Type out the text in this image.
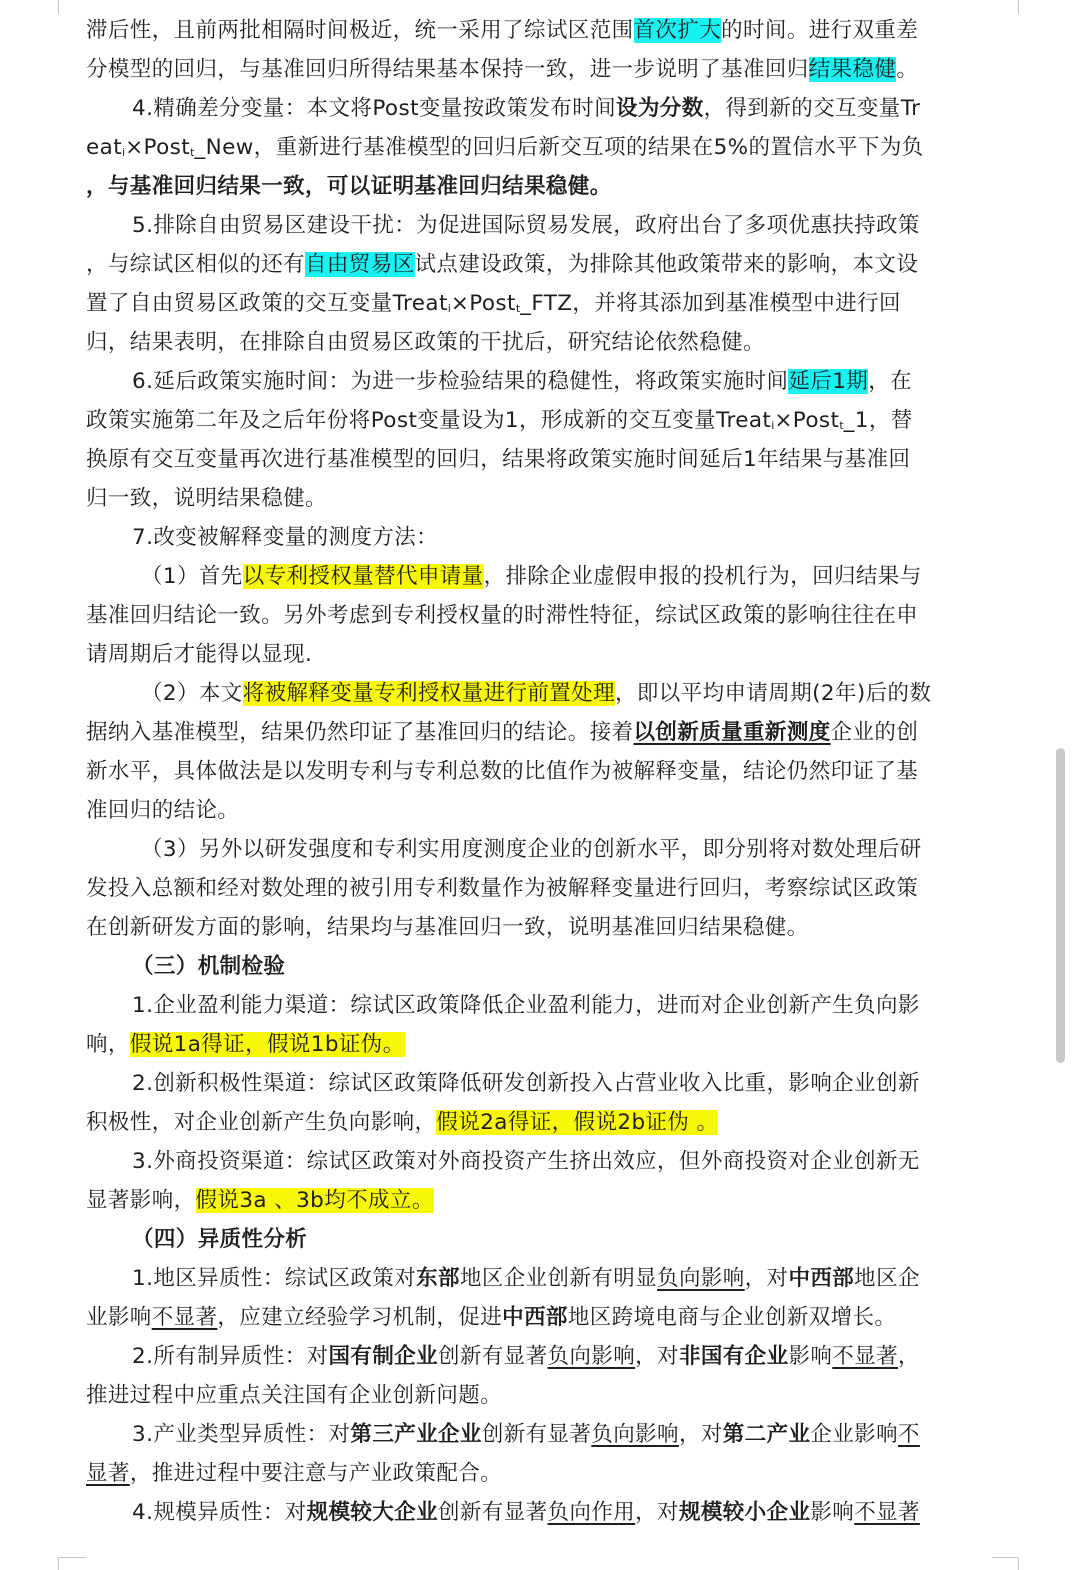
滞后性，且前两批相隔时间极近，统一采用了综试区范围首次扩大的时间。进行双重差
分模型的回归，与基准回归所得结果基本保持一致，进一步说明了基准回归结果稳健。
4.精确差分变量：本文将Post变量按政策发布时间设为分数，得到新的交互变量Tr
eat$_i$×Post$_t$_New，重新进行基准模型的回归后新交互项的结果在5%的置信水平下为负
，与基准回归结果一致，可以证明基准回归结果稳健。
5.排除自由贸易区建设干扰：为促进国际贸易发展，政府出台了多项优惠扶持政策
，与综试区相似的还有自由贸易区试点建设政策，为排除其他政策带来的影响，本文设
置了自由贸易区政策的交互变量Treat$_i$×Post$_t$_FTZ，并将其添加到基准模型中进行回
归，结果表明，在排除自由贸易区政策的干扰后，研究结论依然稳健。
6.延后政策实施时间：为进一步检验结果的稳健性，将政策实施时间延后1期，在
政策实施第二年及之后年份将Post变量设为1，形成新的交互变量Treat$_i$×Post$_t$_1，替
换原有交互变量再次进行基准模型的回归，结果将政策实施时间延后1年结果与基准回
归一致，说明结果稳健。
7.改变被解释变量的测度方法：
（1）首先以专利授权量替代申请量，排除企业虚假申报的投机行为，回归结果与
基准回归结论一致。另外考虑到专利授权量的时滞性特征，综试区政策的影响往往在申
请周期后才能得以显现.
（2）本文将被解释变量专利授权量进行前置处理，即以平均申请周期(2年)后的数
据纳入基准模型，结果仍然印证了基准回归的结论。接着以创新质量重新测度企业的创
新水平，具体做法是以发明专利与专利总数的比值作为被解释变量，结论仍然印证了基
准回归的结论。
（3）另外以研发强度和专利实用度测度企业的创新水平，即分别将对数处理后研
发投入总额和经对数处理的被引用专利数量作为被解释变量进行回归，考察综试区政策
在创新研发方面的影响，结果均与基准回归一致，说明基准回归结果稳健。
（三）机制检验
1.企业盈利能力渠道：综试区政策降低企业盈利能力，进而对企业创新产生负向影
响，假说1a得证，假说1b证伪。
2.创新积极性渠道：综试区政策降低研发创新投入占营业收入比重，影响企业创新
积极性，对企业创新产生负向影响，假说2a得证，假说2b证伪 。
3.外商投资渠道：综试区政策对外商投资产生挤出效应，但外商投资对企业创新无
显著影响，假说3a 、3b均不成立。
（四）异质性分析
1.地区异质性：综试区政策对东部地区企业创新有明显负向影响，对中西部地区企
业影响不显著，应建立经验学习机制，促进中西部地区跨境电商与企业创新双增长。
2.所有制异质性：对国有制企业创新有显著负向影响，对非国有企业影响不显著，
推进过程中应重点关注国有企业创新问题。
3.产业类型异质性：对第三产业企业创新有显著负向影响，对第二产业企业影响不
显著，推进过程中要注意与产业政策配合。
4.规模异质性：对规模较大企业创新有显著负向作用，对规模较小企业影响不显著
